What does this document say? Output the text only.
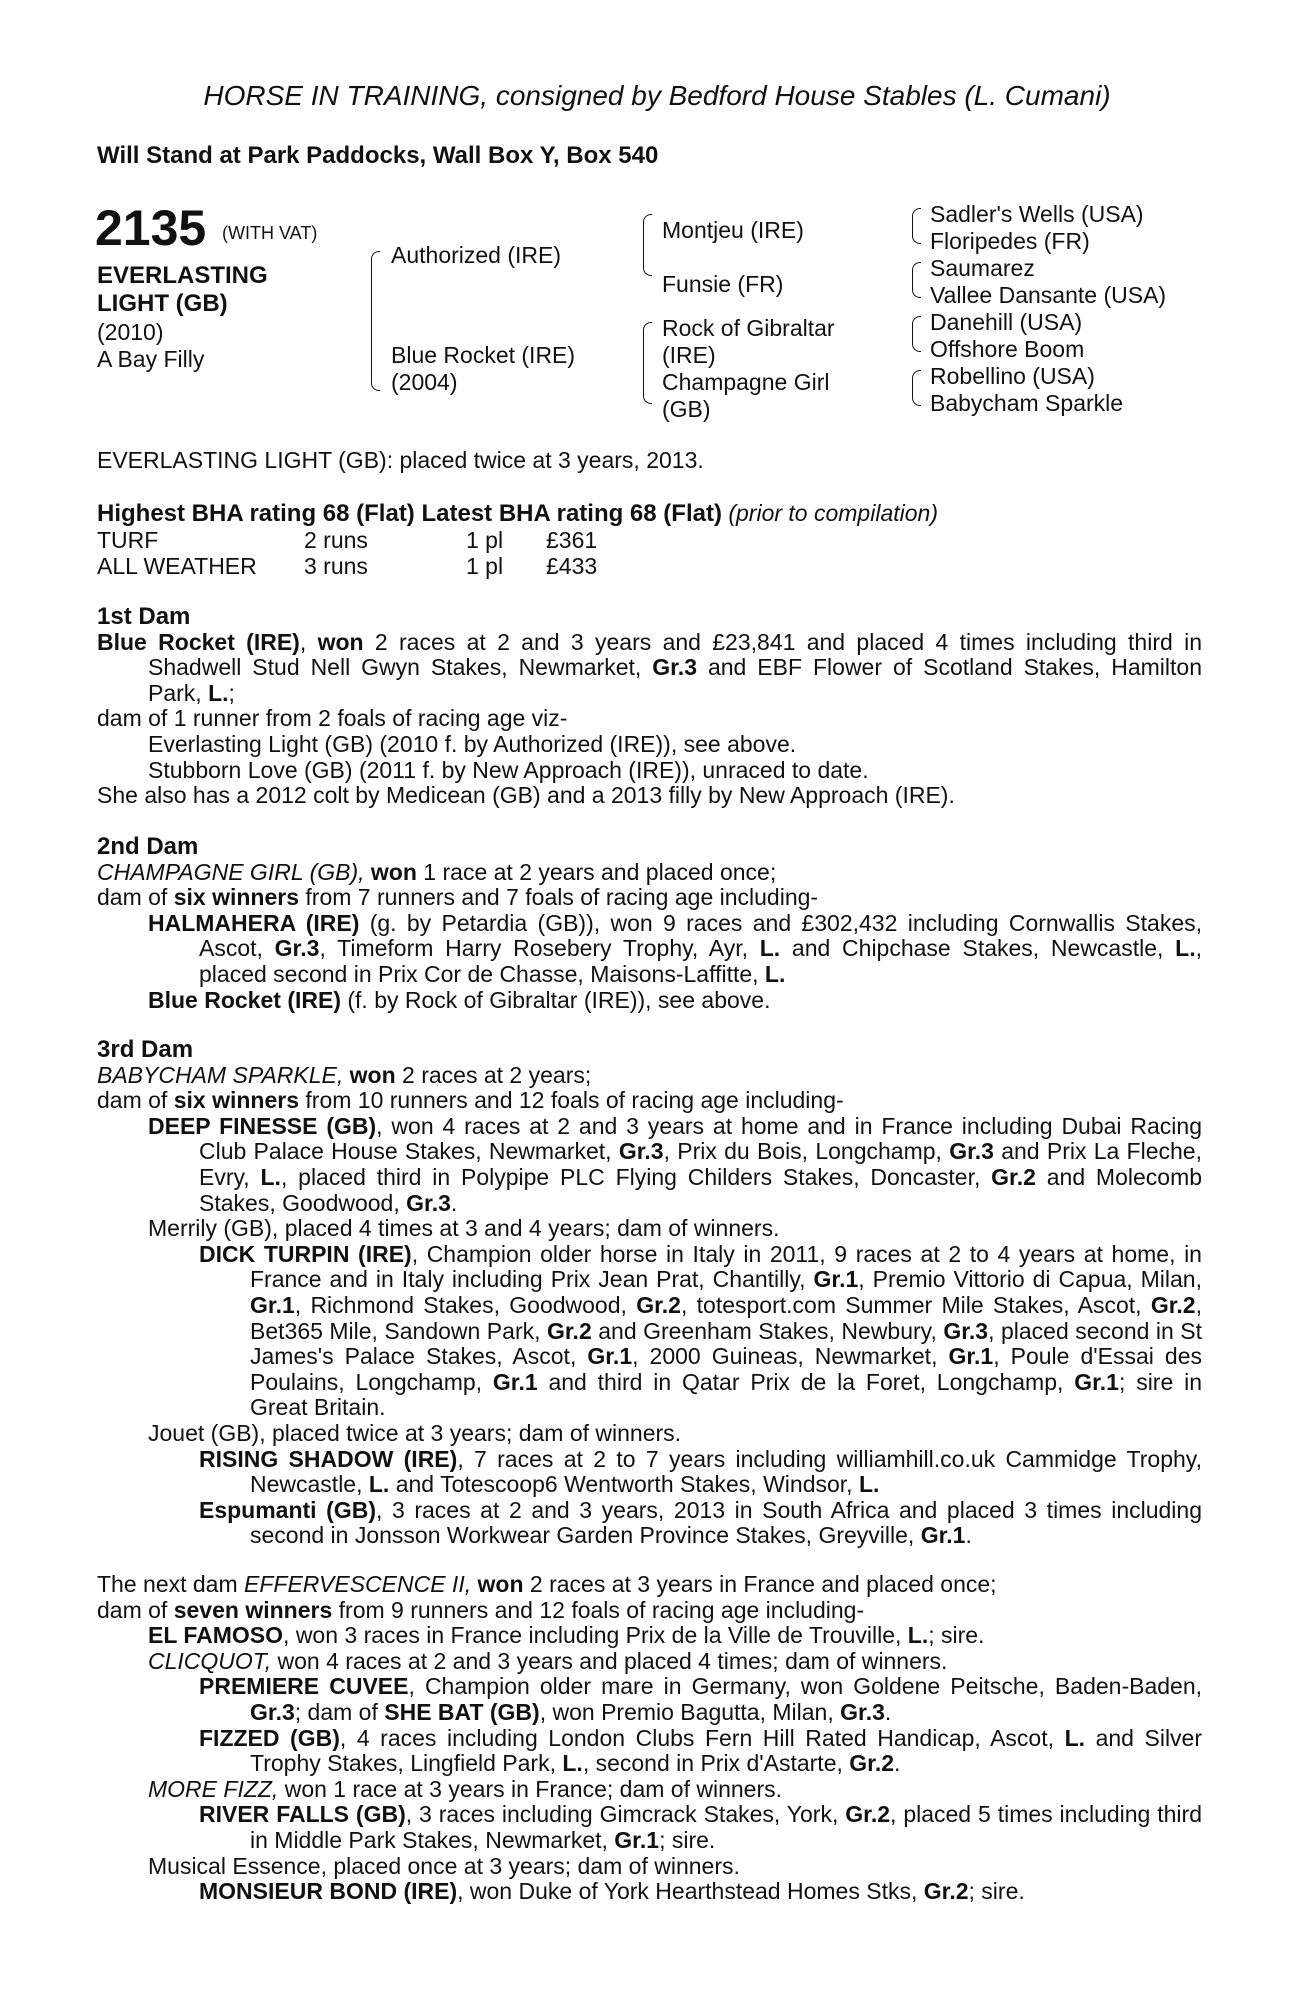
HORSE IN TRAINING, consigned by Bedford House Stables (L. Cumani)
Will Stand at Park Paddocks, Wall Box Y, Box 540
2135 (WITH VAT)
EVERLASTING
LIGHT (GB)
(2010)
A Bay Filly
Authorized (IRE)
Blue Rocket (IRE)
(2004)
Montjeu (IRE)
Funsie (FR)
Rock of Gibraltar
(IRE)
Champagne Girl
(GB)
Sadler's Wells (USA)
Floripedes (FR)
Saumarez
Vallee Dansante (USA)
Danehill (USA)
Offshore Boom
Robellino (USA)
Babycham Sparkle
EVERLASTING LIGHT (GB): placed twice at 3 years, 2013.
Highest BHA rating 68 (Flat) Latest BHA rating 68 (Flat) (prior to compilation)
TURF	2 runs	1 pl £361
ALL WEATHER 3 runs	1 pl £433

1st Dam

Blue Rocket (IRE), won 2 races at 2 and 3 years and £23,841 and placed 4 times including third in Shadwell Stud Nell Gwyn Stakes, Newmarket, Gr.3 and EBF Flower of Scotland Stakes, Hamilton Park, L.;

dam of 1 runner from 2 foals of racing age viz-

Everlasting Light (GB) (2010 f. by Authorized (IRE)), see above.

Stubborn Love (GB) (2011 f. by New Approach (IRE)), unraced to date.

She also has a 2012 colt by Medicean (GB) and a 2013 filly by New Approach (IRE).

2nd Dam

CHAMPAGNE GIRL (GB), won 1 race at 2 years and placed once;

dam of six winners from 7 runners and 7 foals of racing age including-

HALMAHERA (IRE) (g. by Petardia (GB)), won 9 races and £302,432 including Cornwallis Stakes, Ascot, Gr.3, Timeform Harry Rosebery Trophy, Ayr, L. and Chipchase Stakes, Newcastle, L., placed second in Prix Cor de Chasse, Maisons-Laffitte, L.

Blue Rocket (IRE) (f. by Rock of Gibraltar (IRE)), see above.

3rd Dam

BABYCHAM SPARKLE, won 2 races at 2 years;

dam of six winners from 10 runners and 12 foals of racing age including-

DEEP FINESSE (GB), won 4 races at 2 and 3 years at home and in France including Dubai Racing Club Palace House Stakes, Newmarket, Gr.3, Prix du Bois, Longchamp, Gr.3 and Prix La Fleche, Evry, L., placed third in Polypipe PLC Flying Childers Stakes, Doncaster, Gr.2 and Molecomb Stakes, Goodwood, Gr.3.

Merrily (GB), placed 4 times at 3 and 4 years; dam of winners.

DICK TURPIN (IRE), Champion older horse in Italy in 2011, 9 races at 2 to 4 years at home, in France and in Italy including Prix Jean Prat, Chantilly, Gr.1, Premio Vittorio di Capua, Milan, Gr.1, Richmond Stakes, Goodwood, Gr.2, totesport.com Summer Mile Stakes, Ascot, Gr.2, Bet365 Mile, Sandown Park, Gr.2 and Greenham Stakes, Newbury, Gr.3, placed second in St James's Palace Stakes, Ascot, Gr.1, 2000 Guineas, Newmarket, Gr.1, Poule d'Essai des Poulains, Longchamp, Gr.1 and third in Qatar Prix de la Foret, Longchamp, Gr.1; sire in Great Britain.

Jouet (GB), placed twice at 3 years; dam of winners.

RISING SHADOW (IRE), 7 races at 2 to 7 years including williamhill.co.uk Cammidge Trophy, Newcastle, L. and Totescoop6 Wentworth Stakes, Windsor, L.

Espumanti (GB), 3 races at 2 and 3 years, 2013 in South Africa and placed 3 times including second in Jonsson Workwear Garden Province Stakes, Greyville, Gr.1.

The next dam EFFERVESCENCE II, won 2 races at 3 years in France and placed once;

dam of seven winners from 9 runners and 12 foals of racing age including-

EL FAMOSO, won 3 races in France including Prix de la Ville de Trouville, L.; sire.

CLICQUOT, won 4 races at 2 and 3 years and placed 4 times; dam of winners.

PREMIERE CUVEE, Champion older mare in Germany, won Goldene Peitsche, Baden-Baden, Gr.3; dam of SHE BAT (GB), won Premio Bagutta, Milan, Gr.3.

FIZZED (GB), 4 races including London Clubs Fern Hill Rated Handicap, Ascot, L. and Silver Trophy Stakes, Lingfield Park, L., second in Prix d'Astarte, Gr.2.

MORE FIZZ, won 1 race at 3 years in France; dam of winners.

RIVER FALLS (GB), 3 races including Gimcrack Stakes, York, Gr.2, placed 5 times including third in Middle Park Stakes, Newmarket, Gr.1; sire.

Musical Essence, placed once at 3 years; dam of winners.

MONSIEUR BOND (IRE), won Duke of York Hearthstead Homes Stks, Gr.2; sire.
